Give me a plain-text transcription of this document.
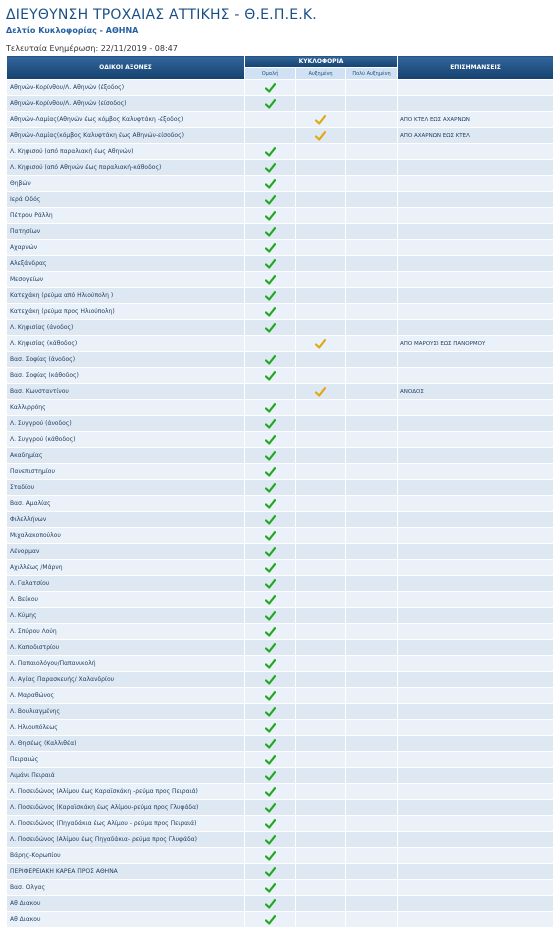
ΔΙΕΥΘΥΝΣΗ ΤΡΟΧΑΙΑΣ ΑΤΤΙΚΗΣ - Θ.Ε.Π.Ε.Κ.
Δελτίο Κυκλοφορίας - ΑΘΗΝΑ
Τελευταία Ενημέρωση: 22/11/2019 - 08:47
ΟΔΙΚΟΙ ΑΞΟΝΕΣ	ΚΥΚΛΟΦΟΡΙΑ			ΕΠΙΣΗΜΑΝΣΕΙΣ
	Ομαλή	Αυξημένη	Πολύ Αυξημένη	
Αθηνών-Κορίνθου/Λ. Αθηνών (έξοδος)				
Αθηνών-Κορίνθου/Λ. Αθηνών (είσοδος)				
Αθηνών-Λαμίας(Αθηνών έως κόμβος Καλυφτάκη -έξοδος)				ΑΠΟ ΚΤΕΛ ΕΩΣ ΑΧΑΡΝΩΝ
Αθηνών-Λαμίας(κόμβος Καλυφτάκη έως Αθηνών-είσοδος)				ΑΠΟ ΑΧΑΡΝΩΝ ΕΩΣ ΚΤΕΛ
Λ. Κηφισού (από παραλιακή έως Αθηνών)				
Λ. Κηφισού (από Αθηνών έως παραλιακή-κάθοδος)				
Θηβών				
Ιερά Οδός				
Πέτρου Ράλλη				
Πατησίων				
Αχαρνών				
Αλεξάνδρας				
Μεσογείων				
Κατεχάκη (ρεύμα από Ηλιούπολη )				
Κατεχάκη (ρεύμα προς Ηλιούπολη)				
Λ. Κηφισίας (άνοδος)				
Λ. Κηφισίας (κάθοδος)				ΑΠΟ ΜΑΡΟΥΣΙ ΕΩΣ ΠΑΝΟΡΜΟΥ
Βασ. Σοφίας (άνοδος)				
Βασ. Σοφίας (κάθοδος)				
Βασ. Κωνσταντίνου				ΑΝΟΔΟΣ
Καλλιρρόης				
Λ. Συγγρού (άνοδος)				
Λ. Συγγρού (κάθοδος)				
Ακαδημίας				
Πανεπιστημίου				
Σταδίου				
Βασ. Αμαλίας				
Φιλελλήνων				
Μιχαλακοπούλου				
Λένορμαν				
Αχιλλέως /Μάρνη				
Λ. Γαλατσίου				
Λ. Βείκου				
Λ. Κύμης				
Λ. Σπύρου Λούη				
Λ. Καποδιστρίου				
Λ. Παπαιολόγου/Παπανικολή				
Λ. Αγίας Παρασκευής/ Χαλανδρίου				
Λ. Μαραθώνος				
Λ. Βουλιαγμένης				
Λ. Ηλιουπόλεως				
Λ. Θησέως (Καλλιθέα)				
Πειραιώς				
Λιμάνι Πειραιά				
Λ. Ποσειδώνος (Αλίμου έως Καραϊσκάκη -ρεύμα προς Πειραιά)				
Λ. Ποσειδώνος (Καραϊσκάκη έως Αλίμου-ρεύμα προς Γλυφάδα)				
Λ. Ποσειδώνος (Πηγαδάκια έως Αλίμου - ρεύμα προς Πειραιά)				
Λ. Ποσειδώνος (Αλίμου έως Πηγαδάκια- ρεύμα προς Γλυφάδα)				
Βάρης-Κορωπίου				
ΠΕΡΙΦΕΡΕΙΑΚΗ ΚΑΡΕΑ ΠΡΟΣ ΑΘΗΝΑ				
Βασ. Ολγας				
Αθ Διακου				
Αθ Διακου				
